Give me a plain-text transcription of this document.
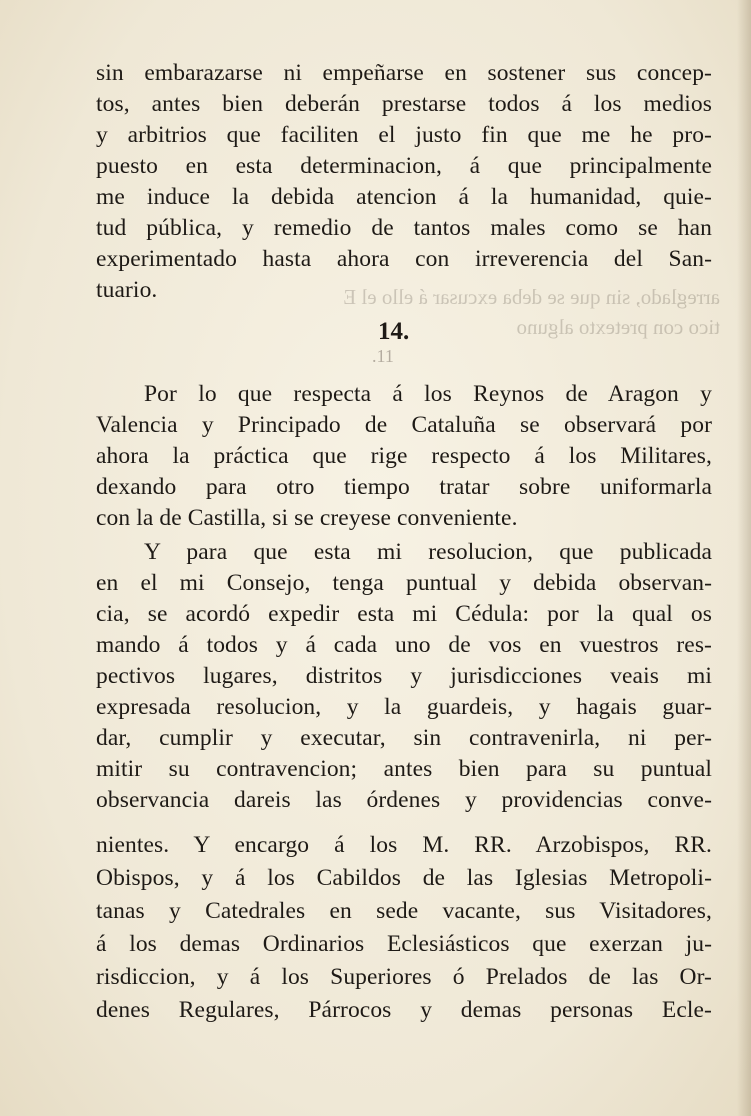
arreglado, sin que se deba excusar á ello el E
tico con pretexto alguno
.11
sin embarazarse ni empeñarse en sostener sus concep-
tos, antes bien deberán prestarse todos á los medios
y arbitrios que faciliten el justo fin que me he pro-
puesto en esta determinacion, á que principalmente
me induce la debida atencion á la humanidad, quie-
tud pública, y remedio de tantos males como se han
experimentado hasta ahora con irreverencia del San-
tuario.
Por lo que respecta á los Reynos de Aragon y
Valencia y Principado de Cataluña se observará por
ahora la práctica que rige respecto á los Militares,
dexando para otro tiempo tratar sobre uniformarla
con la de Castilla, si se creyese conveniente.
Y para que esta mi resolucion, que publicada
en el mi Consejo, tenga puntual y debida observan-
cia, se acordó expedir esta mi Cédula: por la qual os
mando á todos y á cada uno de vos en vuestros res-
pectivos lugares, distritos y jurisdicciones veais mi
expresada resolucion, y la guardeis, y hagais guar-
dar, cumplir y executar, sin contravenirla, ni per-
mitir su contravencion; antes bien para su puntual
observancia dareis las órdenes y providencias conve-
nientes. Y encargo á los M. RR. Arzobispos, RR.
Obispos, y á los Cabildos de las Iglesias Metropoli-
tanas y Catedrales en sede vacante, sus Visitadores,
á los demas Ordinarios Eclesiásticos que exerzan ju-
risdiccion, y á los Superiores ó Prelados de las Or-
denes Regulares, Párrocos y demas personas Ecle-
14.
